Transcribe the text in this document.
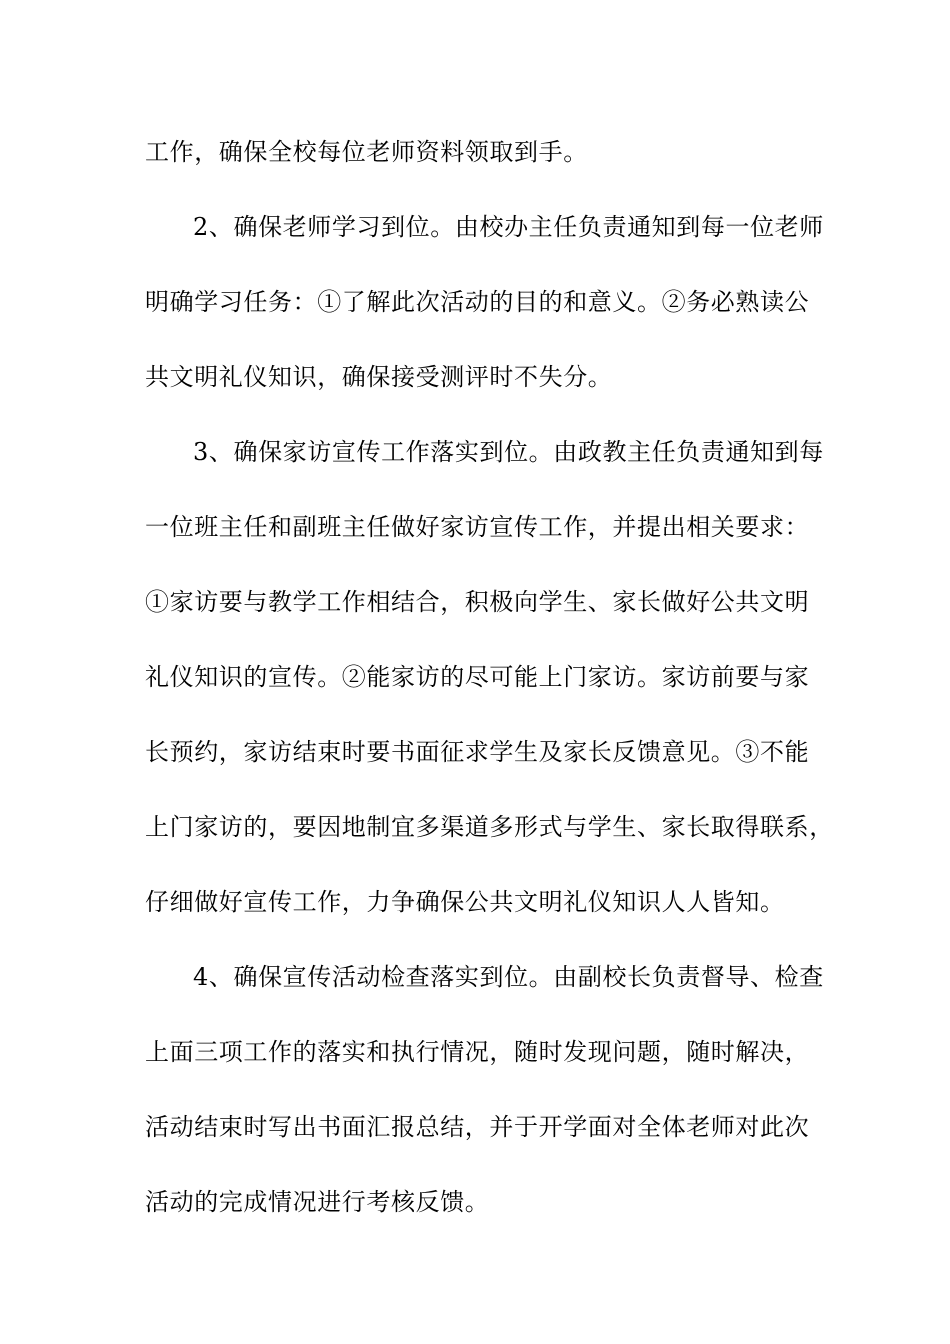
工作，确保全校每位老师资料领取到手。
2、确保老师学习到位。由校办主任负责通知到每一位老师
明确学习任务：①了解此次活动的目的和意义。②务必熟读公
共文明礼仪知识，确保接受测评时不失分。
3、确保家访宣传工作落实到位。由政教主任负责通知到每
一位班主任和副班主任做好家访宣传工作，并提出相关要求：
①家访要与教学工作相结合，积极向学生、家长做好公共文明
礼仪知识的宣传。②能家访的尽可能上门家访。家访前要与家
长预约，家访结束时要书面征求学生及家长反馈意见。③不能
上门家访的，要因地制宜多渠道多形式与学生、家长取得联系，
仔细做好宣传工作，力争确保公共文明礼仪知识人人皆知。
4、确保宣传活动检查落实到位。由副校长负责督导、检查
上面三项工作的落实和执行情况，随时发现问题，随时解决，
活动结束时写出书面汇报总结，并于开学面对全体老师对此次
活动的完成情况进行考核反馈。
